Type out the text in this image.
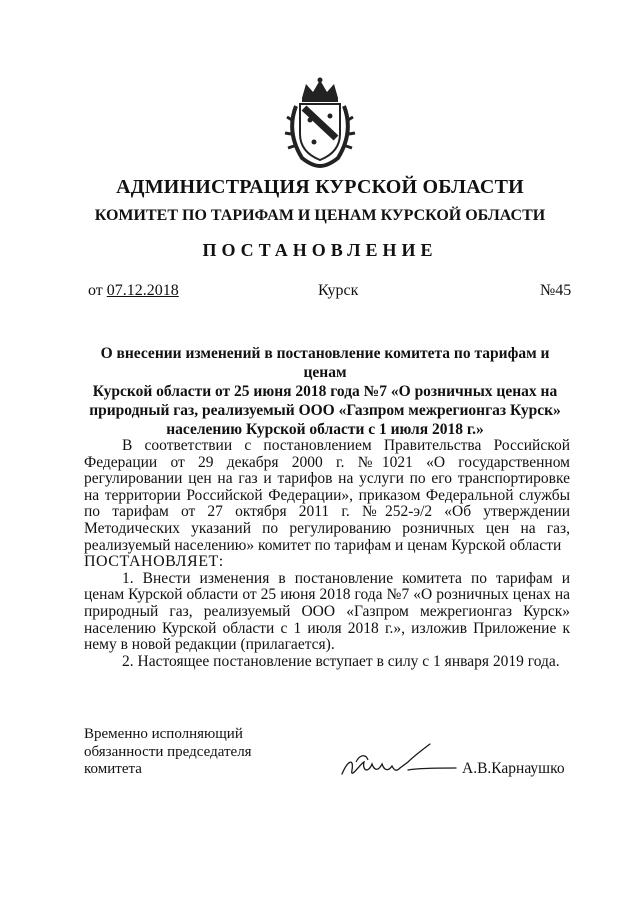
АДМИНИСТРАЦИЯ КУРСКОЙ ОБЛАСТИ
КОМИТЕТ ПО ТАРИФАМ И ЦЕНАМ КУРСКОЙ ОБЛАСТИ
ПОСТАНОВЛЕНИЕ
от 07.12.2018	Курск	№45
О внесении изменений в постановление комитета по тарифам и ценам
Курской области от 25 июня 2018 года №7 «О розничных ценах на
природный газ, реализуемый ООО «Газпром межрегионгаз Курск»
населению Курской области с 1 июля 2018 г.»

В соответствии с постановлением Правительства Российской Федерации от 29 декабря 2000 г. №1021 «О государственном регулировании цен на газ и тарифов на услуги по его транспортировке на территории Российской Федерации», приказом Федеральной службы по тарифам от 27 октября 2011 г. №252-э/2 «Об утверждении Методических указаний по регулированию розничных цен на газ, реализуемый населению» комитет по тарифам и ценам Курской области

ПОСТАНОВЛЯЕТ:

1. Внести изменения в постановление комитета по тарифам и ценам Курской области от 25 июня 2018 года №7 «О розничных ценах на природный газ, реализуемый ООО «Газпром межрегионгаз Курск» населению Курской области с 1 июля 2018 г.», изложив Приложение к нему в новой редакции (прилагается).

2. Настоящее постановление вступает в силу с 1 января 2019 года.

Временно исполняющий
обязанности председателя
комитета	А.В.Карнаушко
